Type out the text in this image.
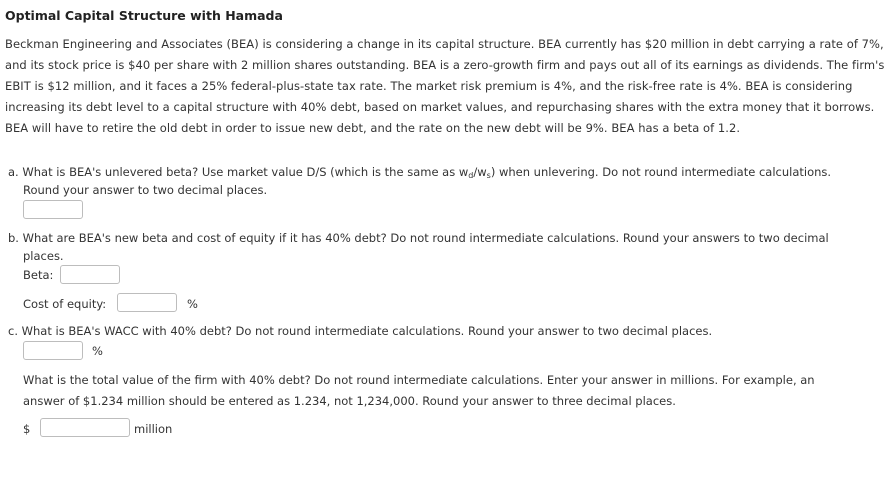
Optimal Capital Structure with Hamada
Beckman Engineering and Associates (BEA) is considering a change in its capital structure. BEA currently has $20 million in debt carrying a rate of 7%, and its stock price is $40 per share with 2 million shares outstanding. BEA is a zero-growth firm and pays out all of its earnings as dividends. The firm's EBIT is $12 million, and it faces a 25% federal-plus-state tax rate. The market risk premium is 4%, and the risk-free rate is 4%. BEA is considering increasing its debt level to a capital structure with 40% debt, based on market values, and repurchasing shares with the extra money that it borrows. BEA will have to retire the old debt in order to issue new debt, and the rate on the new debt will be 9%. BEA has a beta of 1.2.
a. What is BEA's unlevered beta? Use market value D/S (which is the same as $w_d/w_s$) when unlevering. Do not round intermediate calculations.
Round your answer to two decimal places.
b. What are BEA's new beta and cost of equity if it has 40% debt? Do not round intermediate calculations. Round your answers to two decimal
places.
Beta:
Cost of equity:	%
c. What is BEA's WACC with 40% debt? Do not round intermediate calculations. Round your answer to two decimal places.
%
What is the total value of the firm with 40% debt? Do not round intermediate calculations. Enter your answer in millions. For example, an
answer of $1.234 million should be entered as 1.234, not 1,234,000. Round your answer to three decimal places.
$	million
